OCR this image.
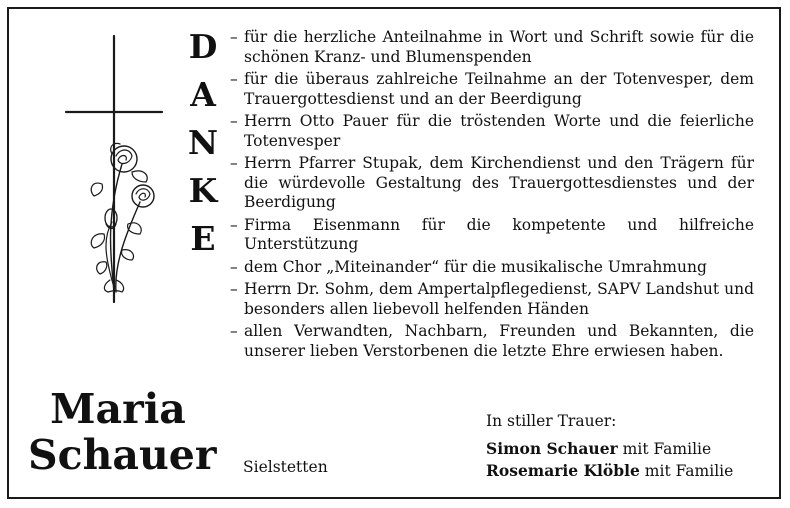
D
A
N
K
E
– für die herzliche Anteilnahme in Wort und Schrift sowie für die schönen Kranz- und Blumenspenden
– für die überaus zahlreiche Teilnahme an der Totenvesper, dem Trauergottesdienst und an der Beerdigung
– Herrn Otto Pauer für die tröstenden Worte und die feierliche Totenvesper
– Herrn Pfarrer Stupak, dem Kirchendienst und den Trägern für die würdevolle Gestaltung des Trauergottesdienstes und der Beerdigung
– Firma Eisenmann für die kompetente und hilfreiche Unterstützung
– dem Chor „Miteinander“ für die musikalische Umrahmung
– Herrn Dr. Sohm, dem Ampertalpflegedienst, SAPV Landshut und besonders allen liebevoll helfenden Händen
– allen Verwandten, Nachbarn, Freunden und Bekannten, die unserer lieben Verstorbenen die letzte Ehre erwiesen haben.
Maria
Schauer Sielstetten
In stiller Trauer:
Simon Schauer mit Familie
Rosemarie Klöble mit Familie
